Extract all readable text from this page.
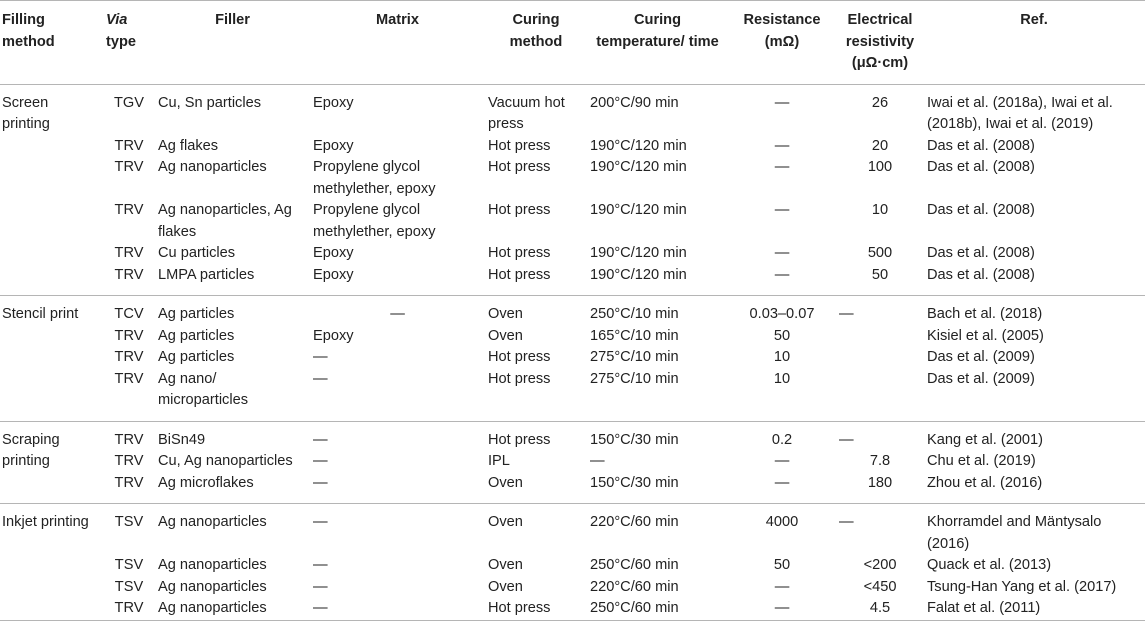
Filling method	Via type	Filler	Matrix	Curing method	Curing temperature/ time	Resistance (mΩ)	Electrical resistivity (μΩ·cm)	Ref.
Screen printing	TGV	Cu, Sn particles	Epoxy	Vacuum hot press	200°C/90 min	—	26	Iwai et al. (2018a), Iwai et al. (2018b), Iwai et al. (2019)
	TRV	Ag flakes	Epoxy	Hot press	190°C/120 min	—	20	Das et al. (2008)
	TRV	Ag nanoparticles	Propylene glycol methylether, epoxy	Hot press	190°C/120 min	—	100	Das et al. (2008)
	TRV	Ag nanoparticles, Ag flakes	Propylene glycol methylether, epoxy	Hot press	190°C/120 min	—	10	Das et al. (2008)
	TRV	Cu particles	Epoxy	Hot press	190°C/120 min	—	500	Das et al. (2008)
	TRV	LMPA particles	Epoxy	Hot press	190°C/120 min	—	50	Das et al. (2008)
Stencil print	TCV	Ag particles	—	Oven	250°C/10 min	0.03–0.07	—	Bach et al. (2018)
	TRV	Ag particles	Epoxy	Oven	165°C/10 min	50		Kisiel et al. (2005)
	TRV	Ag particles	—	Hot press	275°C/10 min	10		Das et al. (2009)
	TRV	Ag nano/ microparticles	—	Hot press	275°C/10 min	10		Das et al. (2009)
Scraping printing	TRV	BiSn49	—	Hot press	150°C/30 min	0.2	—	Kang et al. (2001)
	TRV	Cu, Ag nanoparticles	—	IPL	—	—	7.8	Chu et al. (2019)
	TRV	Ag microflakes	—	Oven	150°C/30 min	—	180	Zhou et al. (2016)
Inkjet printing	TSV	Ag nanoparticles	—	Oven	220°C/60 min	4000	—	Khorramdel and Mäntysalo (2016)
	TSV	Ag nanoparticles	—	Oven	250°C/60 min	50	<200	Quack et al. (2013)
	TSV	Ag nanoparticles	—	Oven	220°C/60 min	—	<450	Tsung-Han Yang et al. (2017)
	TRV	Ag nanoparticles	—	Hot press	250°C/60 min	—	4.5	Falat et al. (2011)
